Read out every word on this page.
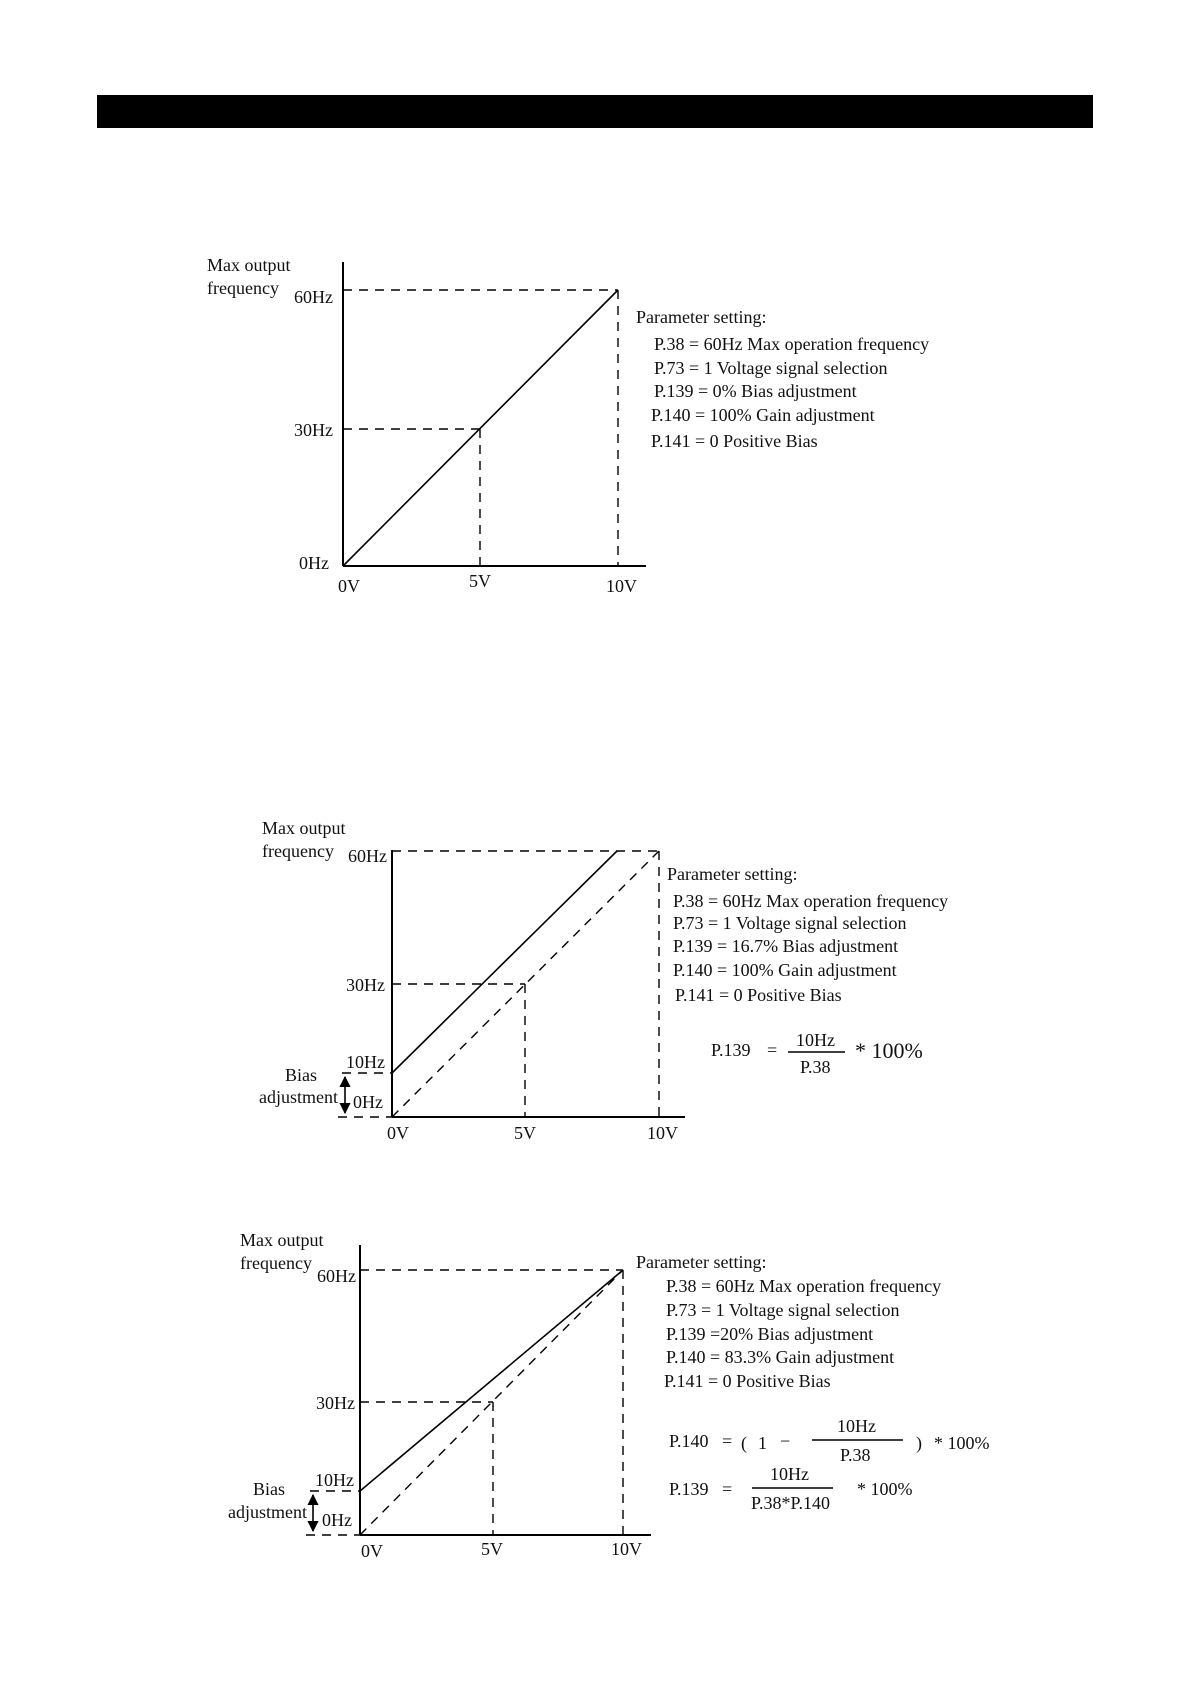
Max output
frequency 60Hz
30Hz
0Hz
0V	5V	10V
Parameter setting:
P.38 = 60Hz Max operation frequency
P.73 = 1 Voltage signal selection
P.139 = 0% Bias adjustment
P.140 = 100% Gain adjustment
P.141 = 0 Positive Bias
Max output
frequency 60Hz
30Hz
10Hz
0Hz
Bias
adjustment
0V	5V	10V
Parameter setting:
P.38 = 60Hz Max operation frequency
P.73 = 1 Voltage signal selection
P.139 = 16.7% Bias adjustment
P.140 = 100% Gain adjustment
P.141 = 0 Positive Bias
P.139 = 10Hz
P.38
* 100%
Max output
frequency
60Hz
30Hz
10Hz
0Hz
Bias
adjustment
0V	5V	10V
Parameter setting:
P.38 = 60Hz Max operation frequency
P.73 = 1 Voltage signal selection
P.139 =20% Bias adjustment
P.140 = 83.3% Gain adjustment
P.141 = 0 Positive Bias
P.140 = ( 1 −
10Hz
P.38
) * 100%
P.139 =
10Hz
P.38*P.140
* 100%
